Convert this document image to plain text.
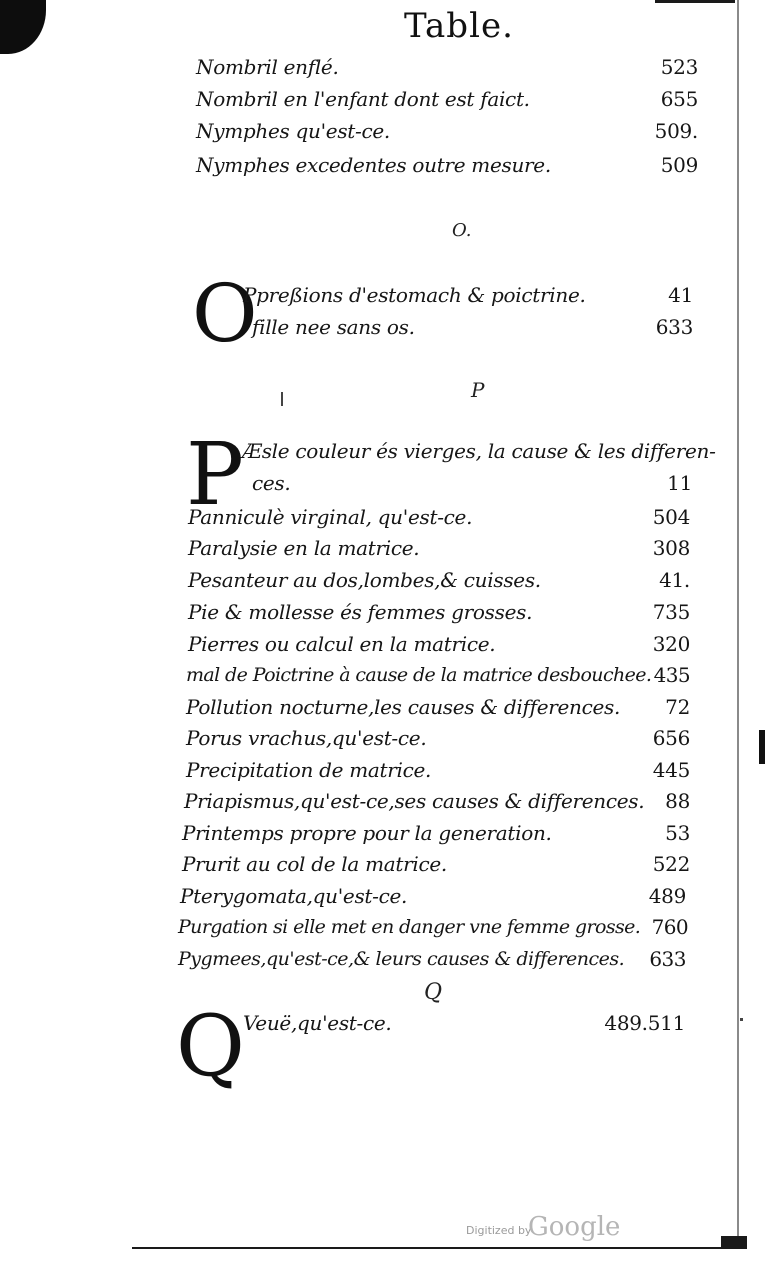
Table.
Nombril enflé.	523
Nombril en l'enfant dont est faict.	655
Nymphes qu'est-ce.	509.
Nymphes excedentes outre mesure.	509
O.
O
Ppreßions d'estomach & poictrine.	41
fille nee sans os.	633
P
P
Æsle couleur és vierges, la cause & les differen-
ces.	11
Panniculè virginal, qu'est-ce.	504
Paralysie en la matrice.	308
Pesanteur au dos,lombes,& cuisses.	41.
Pie & mollesse és femmes grosses.	735
Pierres ou calcul en la matrice.	320
mal de Poictrine à cause de la matrice desbouchee. 435
Pollution nocturne,les causes & differences. 72
Porus vrachus,qu'est-ce.	656
Precipitation de matrice.	445
Priapismus,qu'est-ce,ses causes & differences. 88
Printemps propre pour la generation.	53
Prurit au col de la matrice.	522
Pterygomata,qu'est-ce.	489
Purgation si elle met en danger vne femme grosse. 760
Pygmees,qu'est-ce,& leurs causes & differences. 633
Q
Q
Veuë,qu'est-ce.	489.511
Digitized by
Google
